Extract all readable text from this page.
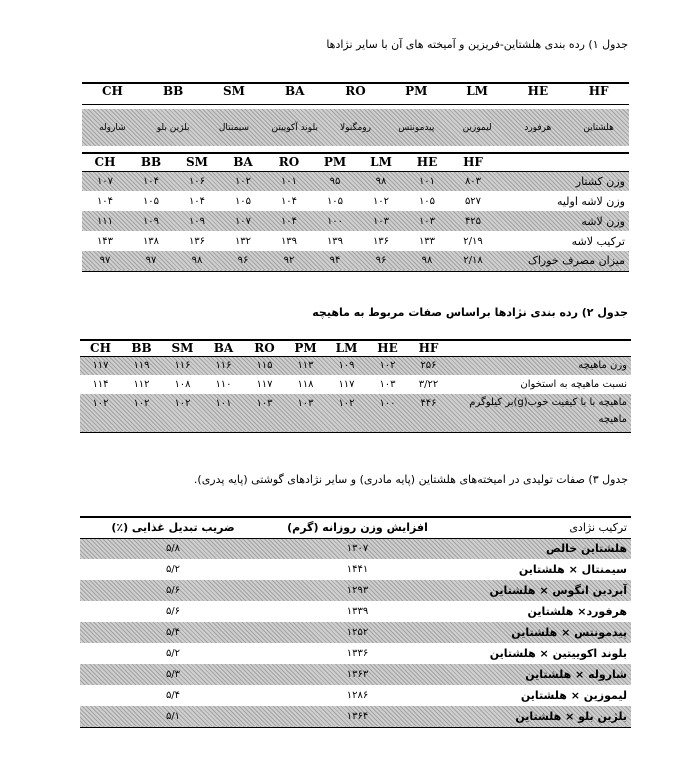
جدول ۱) رده بندی هلشتاین-فریزین و آمیخته های آن با سایر نژادها
CH	BB	SM	BA	RO	PM	LM	HE	HF
شارولە	بلژین بلو	سیمنتال	بلوند آکوییتن	رومگنولا	پیدمونتس	لیموزین	هرفورد	هلشتاین
CH	BB	SM	BA	RO	PM	LM	HE	HF	
۱۰۷	۱۰۴	۱۰۶	۱۰۲	۱۰۱	۹۵	۹۸	۱۰۱	۸۰۳	وزن کشتار
۱۰۴	۱۰۵	۱۰۴	۱۰۵	۱۰۴	۱۰۵	۱۰۲	۱۰۵	۵۲۷	وزن لاشه اولیه
۱۱۱	۱۰۹	۱۰۹	۱۰۷	۱۰۴	۱۰۰	۱۰۳	۱۰۳	۴۲۵	وزن لاشه
۱۴۳	۱۳۸	۱۳۶	۱۳۲	۱۳۹	۱۳۹	۱۳۶	۱۳۳	۲/۱۹	ترکیب لاشه
۹۷	۹۷	۹۸	۹۶	۹۲	۹۴	۹۶	۹۸	۲/۱۸	میزان مصرف خوراک
جدول ۲) رده بندی نژادها براساس صفات مربوط به ماهیچه
CH	BB	SM	BA	RO	PM	LM	HE	HF	
۱۱۷	۱۱۹	۱۱۶	۱۱۶	۱۱۵	۱۱۳	۱۰۹	۱۰۲	۲۵۶	وزن ماهیچه
۱۱۴	۱۱۲	۱۰۸	۱۱۰	۱۱۷	۱۱۸	۱۱۷	۱۰۳	۳/۲۲	نسبت ماهیچه به استخوان
۱۰۲	۱۰۲	۱۰۲	۱۰۱	۱۰۳	۱۰۳	۱۰۲	۱۰۰	۴۴۶	ماهیچه با با کیفیت خوب(g)بر کیلوگرم ماهیچه
جدول ۳) صفات تولیدی در امیختەهای هلشتاین (پایه مادری) و سایر نژادهای گوشتی (پایه پدری).
ضریب تبدیل غذایی (٪)	افزایش وزن روزانه (گرم)	ترکیب نژادی
۵/۸	۱۳۰۷	هلشتاین خالص
۵/۲	۱۴۴۱	سیمنتال × هلشتاین
۵/۶	۱۲۹۳	آبردین انگوس × هلشتاین
۵/۶	۱۳۳۹	هرفورد× هلشتاین
۵/۴	۱۲۵۲	پیدمونتس × هلشتاین
۵/۲	۱۳۳۶	بلوند اکوییتین × هلشتاین
۵/۳	۱۳۶۳	شاروله × هلشتاین
۵/۴	۱۲۸۶	لیموزین × هلشتاین
۵/۱	۱۳۶۴	بلژین بلو × هلشتاین
